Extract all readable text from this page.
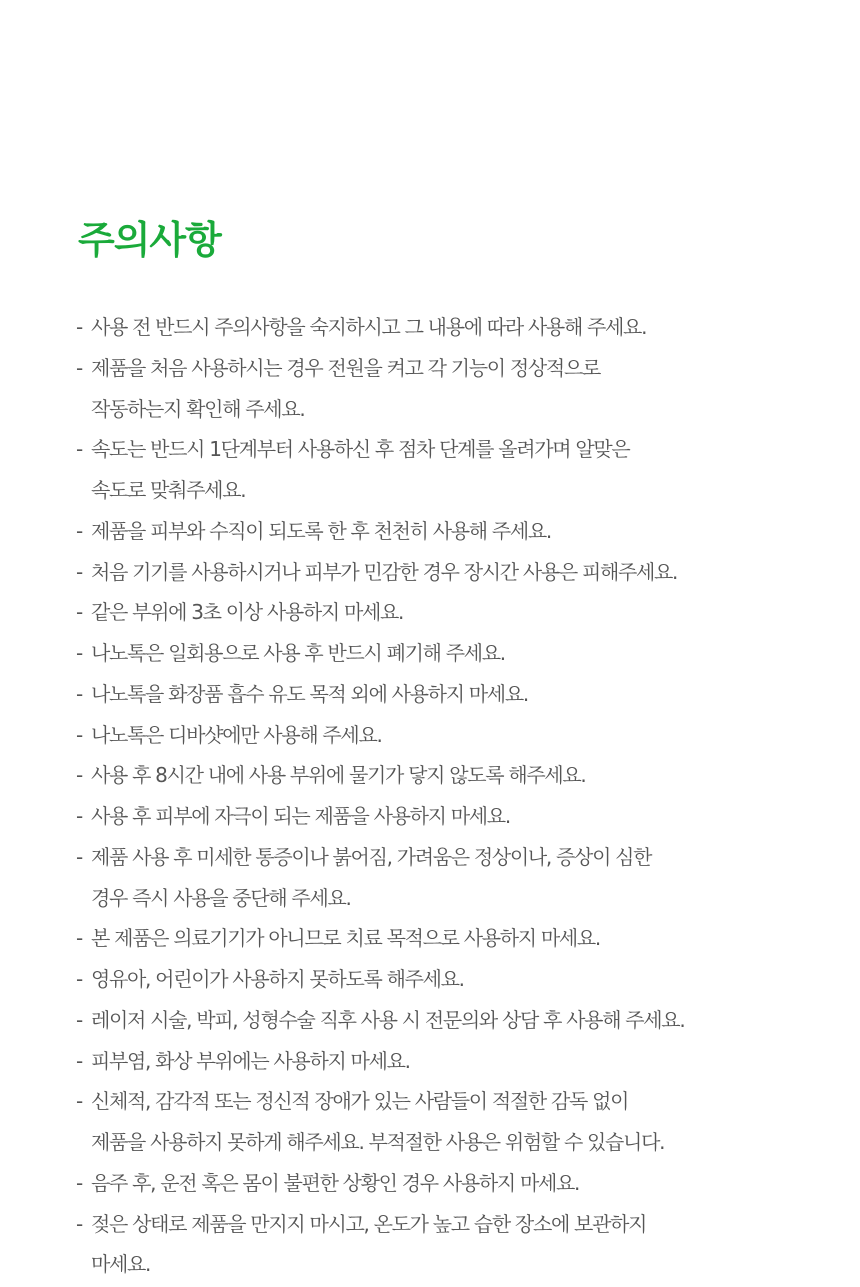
주의사항
- 사용 전 반드시 주의사항을 숙지하시고 그 내용에 따라 사용해 주세요.
- 제품을 처음 사용하시는 경우 전원을 켜고 각 기능이 정상적으로
작동하는지 확인해 주세요.
- 속도는 반드시 1단계부터 사용하신 후 점차 단계를 올려가며 알맞은
속도로 맞춰주세요.
- 제품을 피부와 수직이 되도록 한 후 천천히 사용해 주세요.
- 처음 기기를 사용하시거나 피부가 민감한 경우 장시간 사용은 피해주세요.
- 같은 부위에 3초 이상 사용하지 마세요.
- 나노톡은 일회용으로 사용 후 반드시 폐기해 주세요.
- 나노톡을 화장품 흡수 유도 목적 외에 사용하지 마세요.
- 나노톡은 디바샷에만 사용해 주세요.
- 사용 후 8시간 내에 사용 부위에 물기가 닿지 않도록 해주세요.
- 사용 후 피부에 자극이 되는 제품을 사용하지 마세요.
- 제품 사용 후 미세한 통증이나 붉어짐, 가려움은 정상이나, 증상이 심한
경우 즉시 사용을 중단해 주세요.
- 본 제품은 의료기기가 아니므로 치료 목적으로 사용하지 마세요.
- 영유아, 어린이가 사용하지 못하도록 해주세요.
- 레이저 시술, 박피, 성형수술 직후 사용 시 전문의와 상담 후 사용해 주세요.
- 피부염, 화상 부위에는 사용하지 마세요.
- 신체적, 감각적 또는 정신적 장애가 있는 사람들이 적절한 감독 없이
제품을 사용하지 못하게 해주세요. 부적절한 사용은 위험할 수 있습니다.
- 음주 후, 운전 혹은 몸이 불편한 상황인 경우 사용하지 마세요.
- 젖은 상태로 제품을 만지지 마시고, 온도가 높고 습한 장소에 보관하지
마세요.
